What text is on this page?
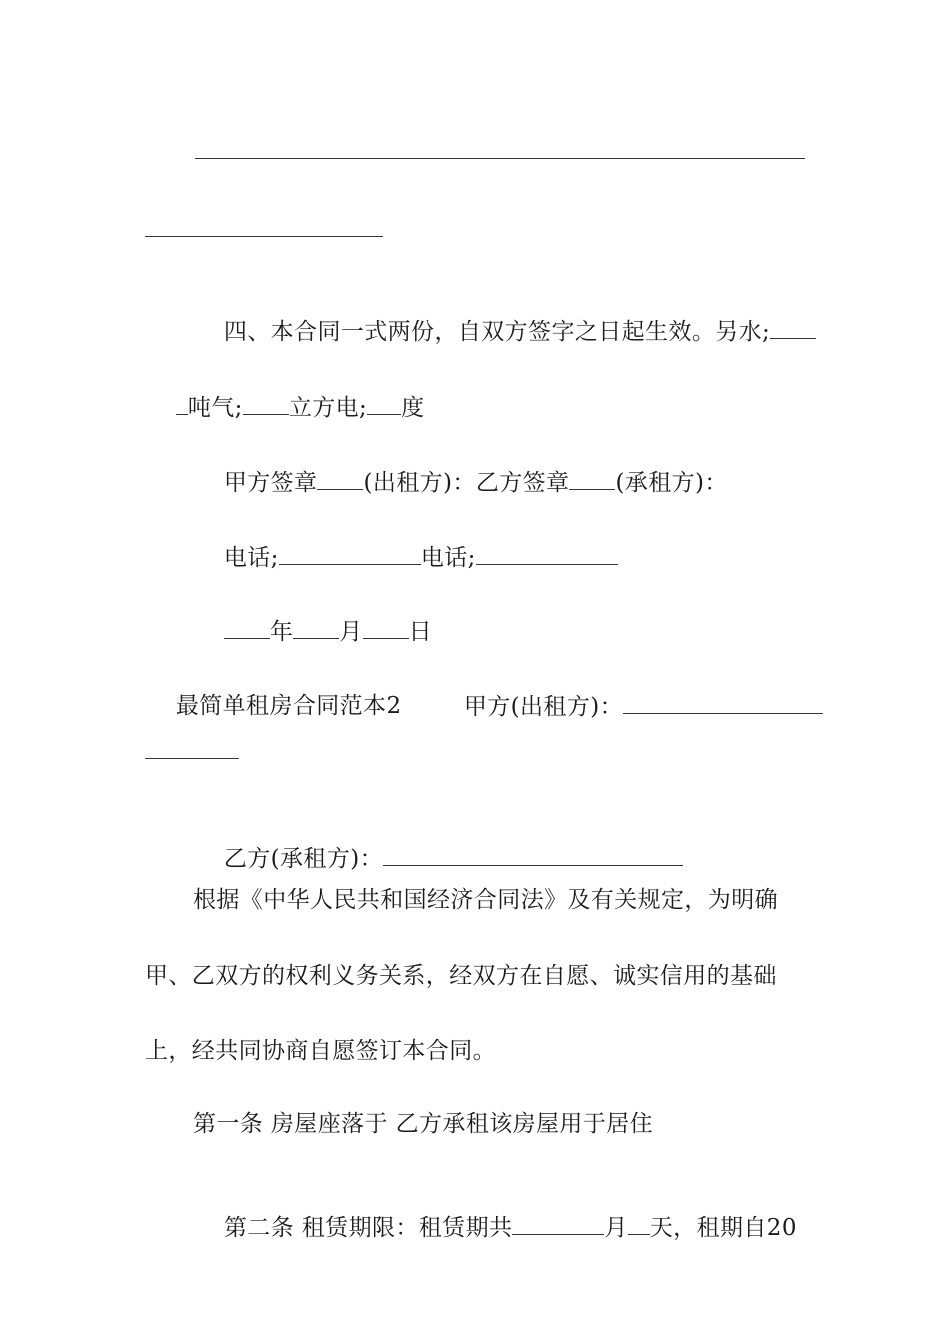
四、本合同一式两份，自双方签字之日起生效。另水;

吨气; 立方电; 度

甲方签章 (出租方)：乙方签章 (承租方)：

电话;	电话;

年 月 日

最简单租房合同范本2
	甲方(出租方)：

乙方(承租方)：

根据《中华人民共和国经济合同法》及有关规定，为明确
甲、乙双方的权利义务关系，经双方在自愿、诚实信用的基础
上，经共同协商自愿签订本合同。
第一条 房屋座落于 乙方承租该房屋用于居住

第二条 租赁期限：租赁期共	月 天，租期自20
